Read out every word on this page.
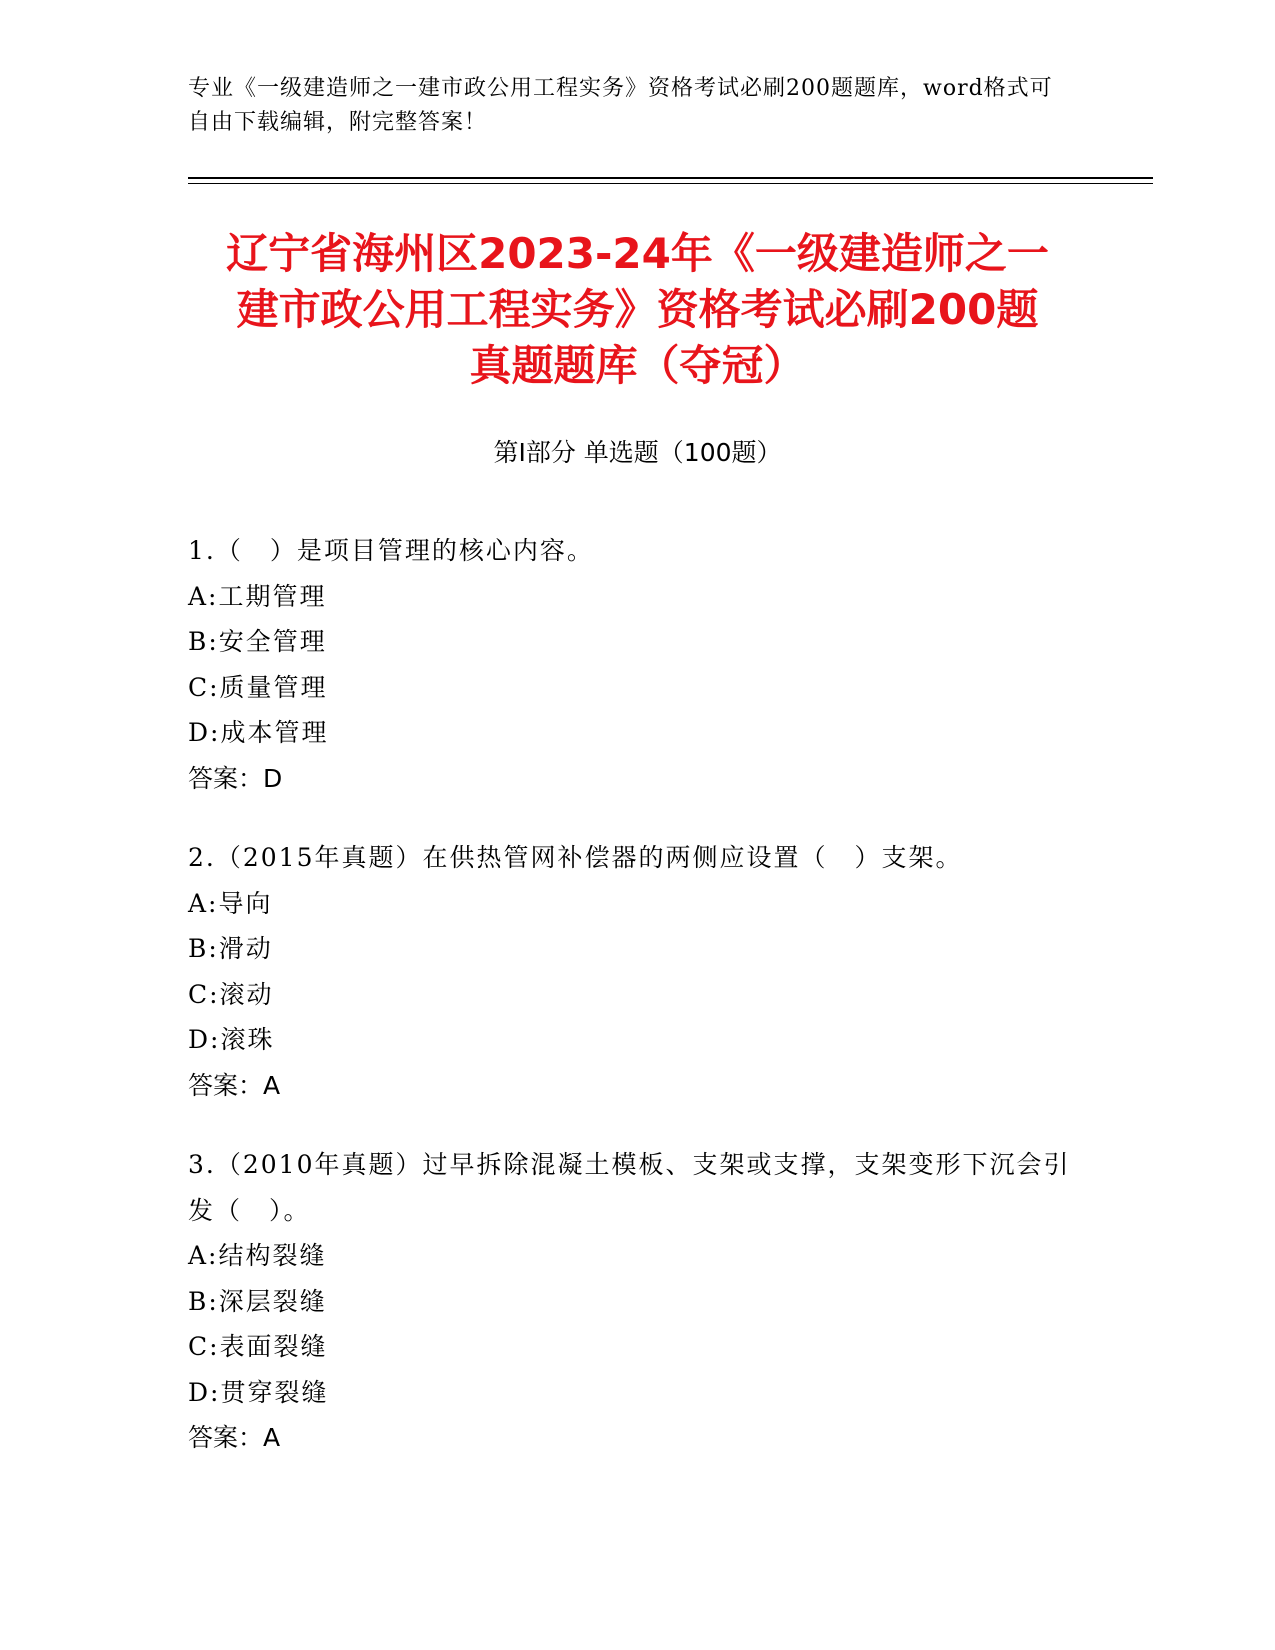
专业《一级建造师之一建市政公用工程实务》资格考试必刷200题题库，word格式可自由下载编辑，附完整答案！
辽宁省海州区2023-24年《一级建造师之一
建市政公用工程实务》资格考试必刷200题
真题题库（夺冠）
第Ⅰ部分 单选题（100题）

1.（　）是项目管理的核心内容。

A:工期管理

B:安全管理

C:质量管理

D:成本管理

答案：D

2.（2015年真题）在供热管网补偿器的两侧应设置（　）支架。

A:导向

B:滑动

C:滚动

D:滚珠

答案：A

3.（2010年真题）过早拆除混凝土模板、支架或支撑，支架变形下沉会引发（　）。

A:结构裂缝

B:深层裂缝

C:表面裂缝

D:贯穿裂缝

答案：A
